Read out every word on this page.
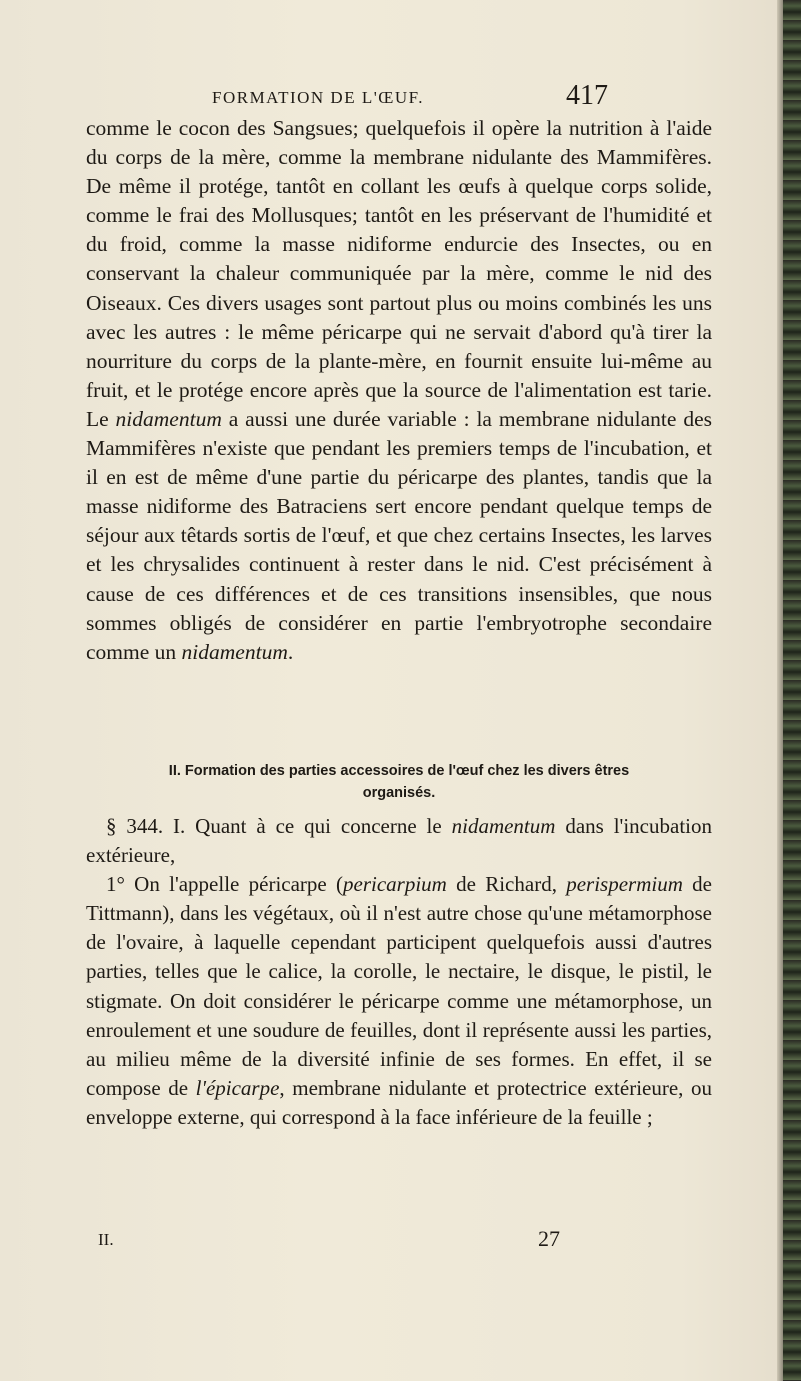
FORMATION DE L'ŒUF.	417

comme le cocon des Sangsues; quelquefois il opère la nutrition à l'aide du corps de la mère, comme la membrane nidulante des Mammifères. De même il protége, tantôt en collant les œufs à quelque corps solide, comme le frai des Mollusques; tantôt en les préservant de l'humidité et du froid, comme la masse nidiforme endurcie des Insectes, ou en conservant la chaleur communiquée par la mère, comme le nid des Oiseaux. Ces divers usages sont partout plus ou moins combinés les uns avec les autres : le même péricarpe qui ne servait d'abord qu'à tirer la nourriture du corps de la plante-mère, en fournit ensuite lui-même au fruit, et le protége encore après que la source de l'alimentation est tarie. Le nidamentum a aussi une durée variable : la membrane nidulante des Mammifères n'existe que pendant les premiers temps de l'incubation, et il en est de même d'une partie du péricarpe des plantes, tandis que la masse nidiforme des Batraciens sert encore pendant quelque temps de séjour aux têtards sortis de l'œuf, et que chez certains Insectes, les larves et les chrysalides continuent à rester dans le nid. C'est précisément à cause de ces différences et de ces transitions insensibles, que nous sommes obligés de considérer en partie l'embryotrophe secondaire comme un nidamentum.

II. Formation des parties accessoires de l'œuf chez les divers êtres
organisés.

§ 344. I. Quant à ce qui concerne le nidamentum dans l'incubation extérieure,

1° On l'appelle péricarpe (pericarpium de Richard, perispermium de Tittmann), dans les végétaux, où il n'est autre chose qu'une métamorphose de l'ovaire, à laquelle cependant participent quelquefois aussi d'autres parties, telles que le calice, la corolle, le nectaire, le disque, le pistil, le stigmate. On doit considérer le péricarpe comme une métamorphose, un enroulement et une soudure de feuilles, dont il représente aussi les parties, au milieu même de la diversité infinie de ses formes. En effet, il se compose de l'épicarpe, membrane nidulante et protectrice extérieure, ou enveloppe externe, qui correspond à la face inférieure de la feuille ;

II.	27
